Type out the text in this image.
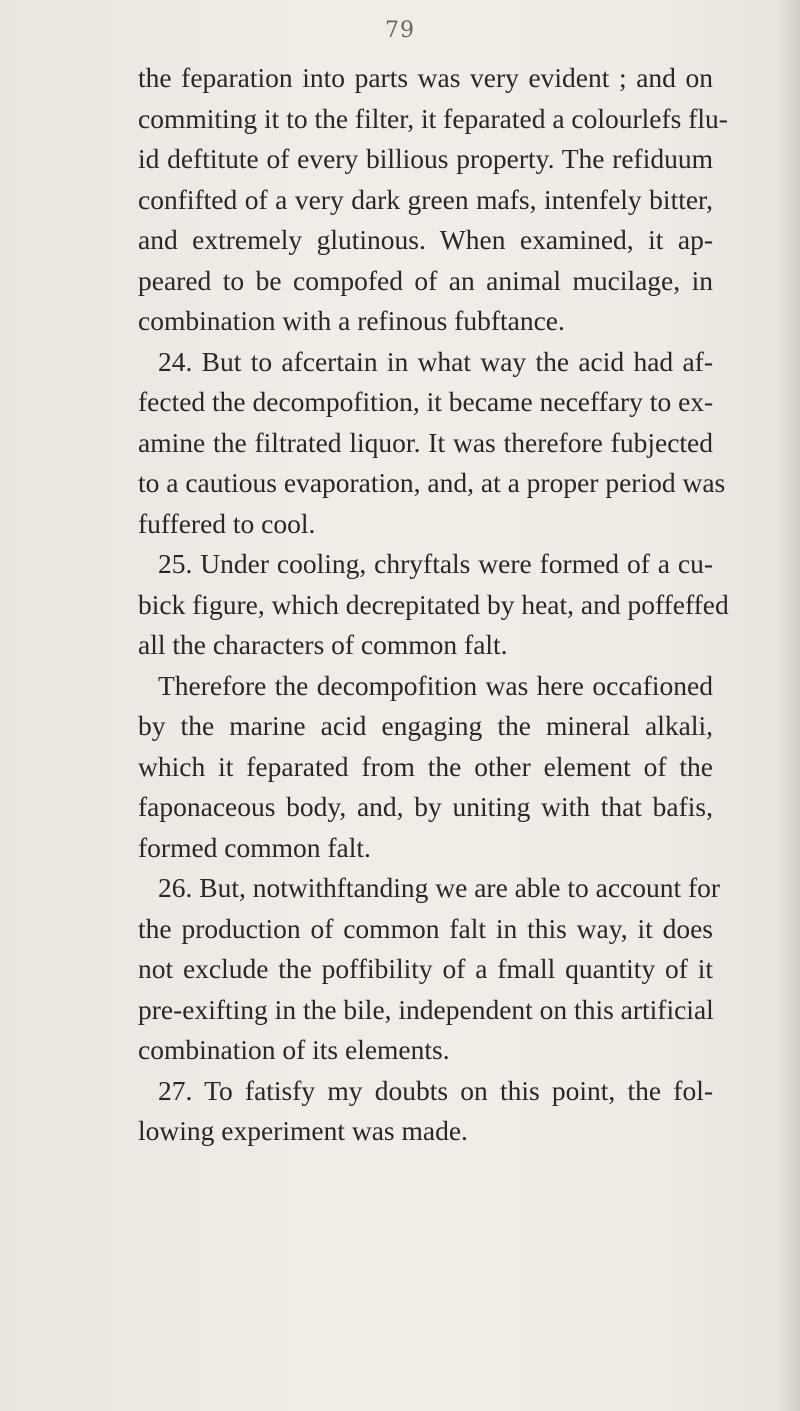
79
the feparation into parts was very evident ; and on
commiting it to the filter, it feparated a colourlefs flu-
id deftitute of every billious property. The refiduum
confifted of a very dark green mafs, intenfely bitter,
and extremely glutinous. When examined, it ap-
peared to be compofed of an animal mucilage, in
combination with a refinous fubftance.
24. But to afcertain in what way the acid had af-
fected the decompofition, it became neceffary to ex-
amine the filtrated liquor. It was therefore fubjected
to a cautious evaporation, and, at a proper period was
fuffered to cool.
25. Under cooling, chryftals were formed of a cu-
bick figure, which decrepitated by heat, and poffeffed
all the characters of common falt.
Therefore the decompofition was here occafioned
by the marine acid engaging the mineral alkali,
which it feparated from the other element of the
faponaceous body, and, by uniting with that bafis,
formed common falt.
26. But, notwithftanding we are able to account for
the production of common falt in this way, it does
not exclude the poffibility of a fmall quantity of it
pre-exifting in the bile, independent on this artificial
combination of its elements.
27. To fatisfy my doubts on this point, the fol-
lowing experiment was made.
